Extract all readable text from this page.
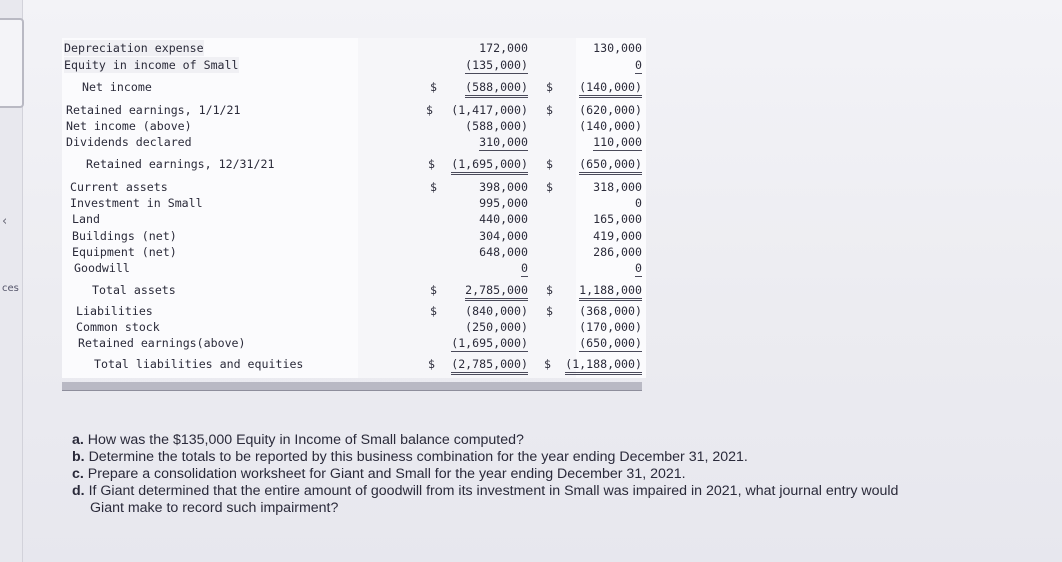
‹
ces
Depreciation expense	172,000	130,000
Equity in income of Small	(135,000)	0
Net income	$	(588,000) $	(140,000)
Retained earnings, 1/1/21	$	(1,417,000) $	(620,000)
Net income (above)	(588,000)	(140,000)
Dividends declared	310,000	110,000
Retained earnings, 12/31/21	$	(1,695,000) $	(650,000)
Current assets	$	398,000 $	318,000
Investment in Small	995,000	0
Land	440,000	165,000
Buildings (net)	304,000	419,000
Equipment (net)	648,000	286,000
Goodwill	0	0
Total assets	$	2,785,000 $	1,188,000
Liabilities	$	(840,000) $	(368,000)
Common stock	(250,000)	(170,000)
Retained earnings(above)	(1,695,000)	(650,000)
Total liabilities and equities	$	(2,785,000) $	(1,188,000)
a. How was the $135,000 Equity in Income of Small balance computed?
b. Determine the totals to be reported by this business combination for the year ending December 31, 2021.
c. Prepare a consolidation worksheet for Giant and Small for the year ending December 31, 2021.
d. If Giant determined that the entire amount of goodwill from its investment in Small was impaired in 2021, what journal entry would
Giant make to record such impairment?
